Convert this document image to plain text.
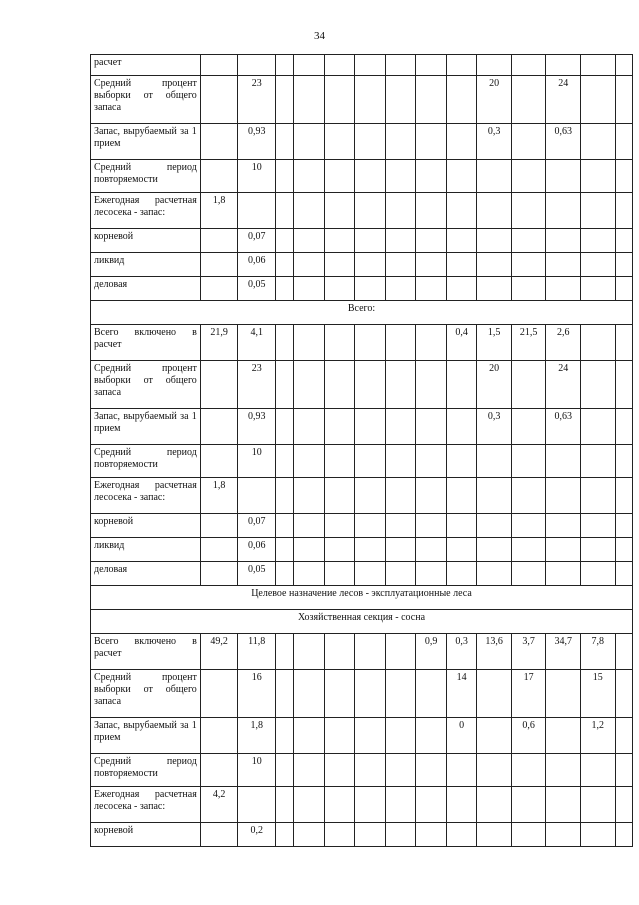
34
расчет														
Средний процент выборки от общего запаса		23								20		24		
Запас, вырубаемый за 1 прием		0,93								0,3		0,63		
Средний период повторяемости		10												
Ежегодная расчетная лесосека - запас:	1,8													
корневой		0,07												
ликвид		0,06												
деловая		0,05												
Всего:														
Всего включено в расчет	21,9	4,1							0,4	1,5	21,5	2,6		
Средний процент выборки от общего запаса		23								20		24		
Запас, вырубаемый за 1 прием		0,93								0,3		0,63		
Средний период повторяемости		10												
Ежегодная расчетная лесосека - запас:	1,8													
корневой		0,07												
ликвид		0,06												
деловая		0,05												
Целевое назначение лесов - эксплуатационные леса														
Хозяйственная секция - сосна														
Всего включено в расчет	49,2	11,8						0,9	0,3	13,6	3,7	34,7	7,8	
Средний процент выборки от общего запаса		16							14		17		15	
Запас, вырубаемый за 1 прием		1,8							0		0,6		1,2	
Средний период повторяемости		10												
Ежегодная расчетная лесосека - запас:	4,2													
корневой		0,2												
